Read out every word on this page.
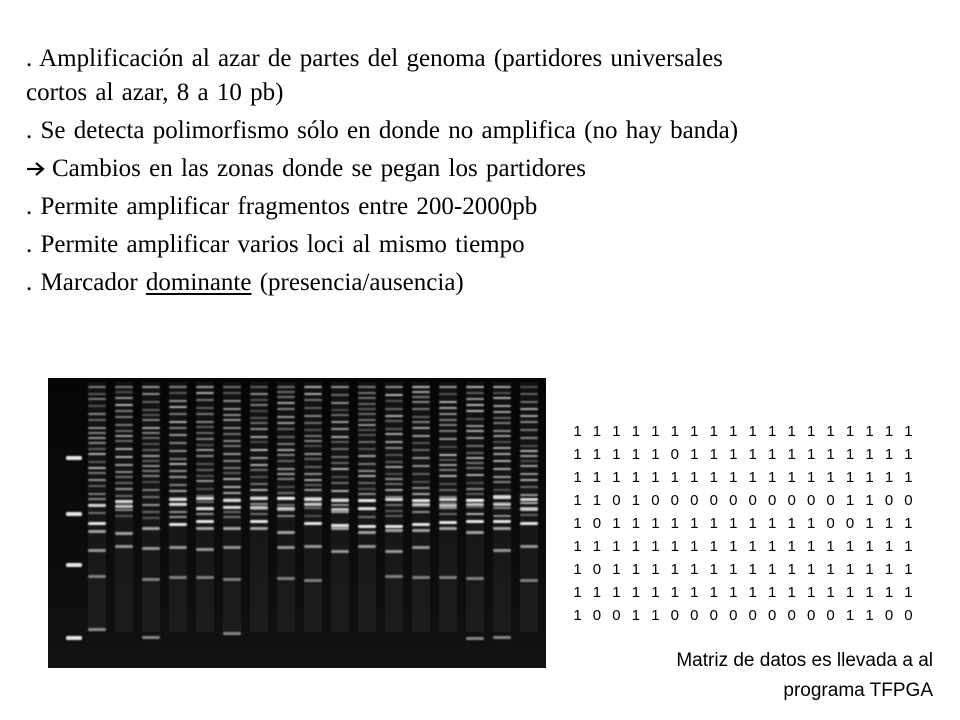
. Amplificación al azar de partes del genoma (partidores universales
cortos al azar, 8 a 10 pb)
. Se detecta polimorfismo sólo en donde no amplifica (no hay banda)
Cambios en las zonas donde se pegan los partidores
. Permite amplificar fragmentos entre 200-2000pb
. Permite amplificar varios loci al mismo tiempo
. Marcador dominante (presencia/ausencia)
1 1 1 1 1 1 1 1 1 1 1 1 1 1 1 1 1 1
1 1 1 1 1 0 1 1 1 1 1 1 1 1 1 1 1 1
1 1 1 1 1 1 1 1 1 1 1 1 1 1 1 1 1 1
1 1 0 1 0 0 0 0 0 0 0 0 0 0 1 1 0 0
1 0 1 1 1 1 1 1 1 1 1 1 1 0 0 1 1 1
1 1 1 1 1 1 1 1 1 1 1 1 1 1 1 1 1 1
1 0 1 1 1 1 1 1 1 1 1 1 1 1 1 1 1 1
1 1 1 1 1 1 1 1 1 1 1 1 1 1 1 1 1 1
1 0 0 1 1 0 0 0 0 0 0 0 0 0 1 1 0 0
Matriz de datos es llevada a al
programa TFPGA
